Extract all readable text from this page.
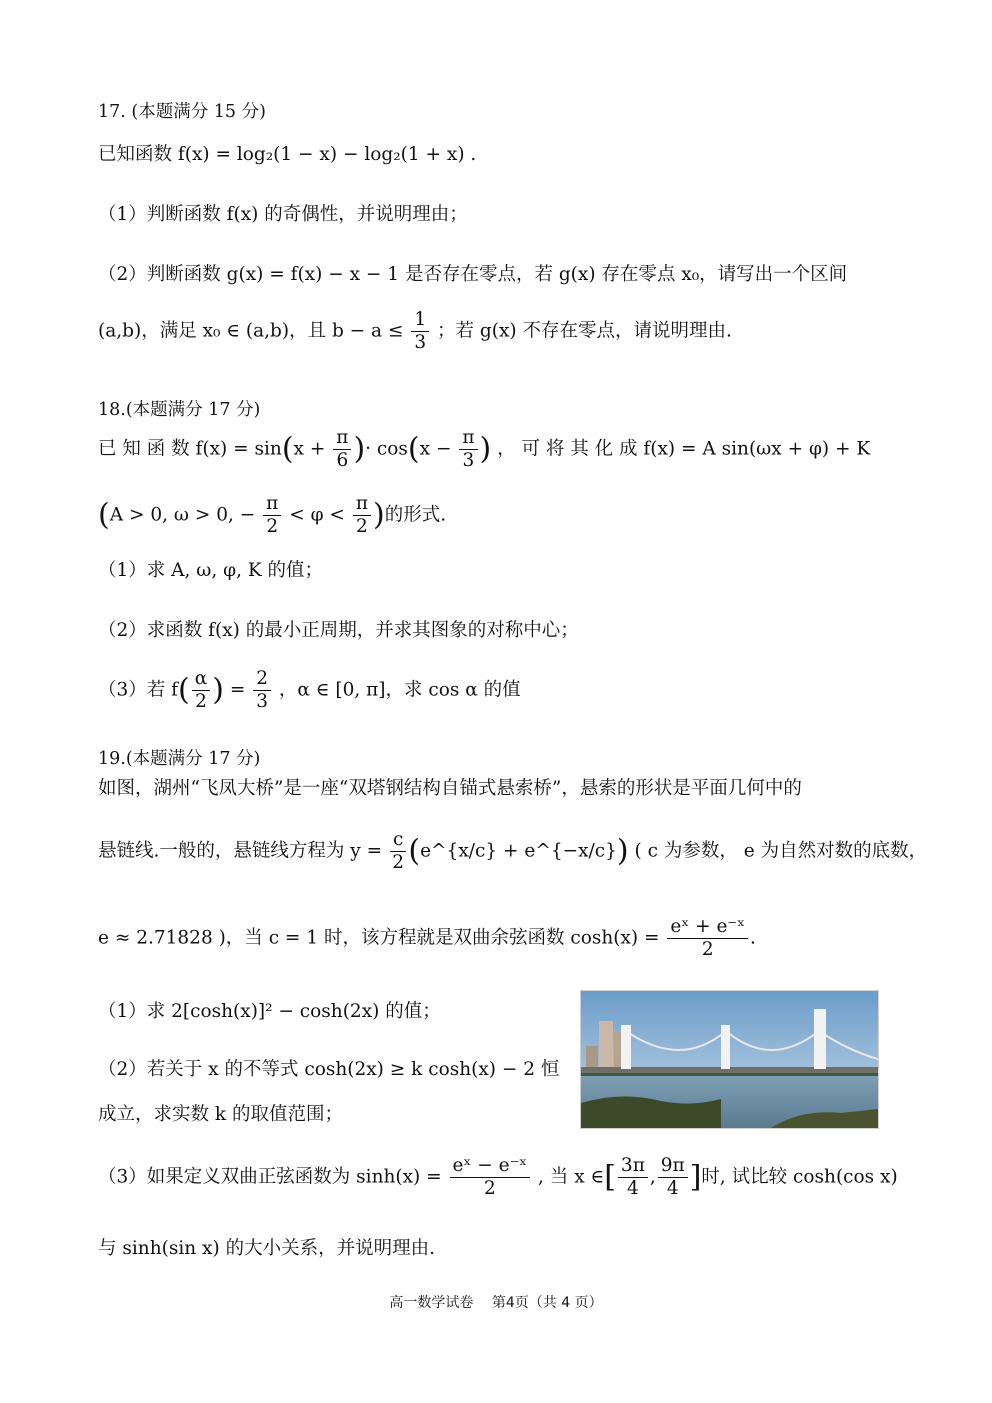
17. (本题满分 15 分)
已知函数 f(x) = log₂(1 − x) − log₂(1 + x) .
（1）判断函数 f(x) 的奇偶性，并说明理由；
（2）判断函数 g(x) = f(x) − x − 1 是否存在零点，若 g(x) 存在零点 x₀，请写出一个区间
(a,b)，满足 x₀ ∈ (a,b)，且 $b - a \le \frac{1}{3}$ ；若 g(x) 不存在零点，请说明理由.
18.(本题满分 17 分)
已 知 函 数 $f(x) = \sin(x + \frac{\pi}{6}$ )· $\cos(x - \frac{\pi}{3}$ ) ， 可 将 其 化 成 f(x) = A sin(ωx + φ) + K
(A > 0, ω > 0, − $\frac{\pi}{2} < \varphi < \frac{\pi}{2}$ )的形式.
（1）求 A, ω, φ, K 的值；
（2）求函数 f(x) 的最小正周期，并求其图象的对称中心；
（3）若 $f( \frac{\alpha}{2}$ ) = $\frac{2}{3}$ ，α ∈ [0, π]，求 cos α 的值
19.(本题满分 17 分)
如图，湖州“飞凤大桥”是一座“双塔钢结构自锚式悬索桥”，悬索的形状是平面几何中的
悬链线.一般的，悬链线方程为 $y = \frac{c}{2}$ (e^{x/c} + e^{−x/c}) ( c 为参数， e 为自然对数的底数，
e ≈ 2.71828 )，当 c = 1 时，该方程就是双曲余弦函数 $\cosh(x) = \frac{\text{eˣ + e⁻ˣ}}{2}$ .
（1）求 2[cosh(x)]² − cosh(2x) 的值；
（2）若关于 x 的不等式 cosh(2x) ≥ k cosh(x) − 2 恒
成立，求实数 k 的取值范围；
（3）如果定义双曲正弦函数为 $\sinh(x) = \frac{\text{eˣ − e⁻ˣ}}{2}$ , 当 x ∈[ $\frac{3\pi}{4}$ , $\frac{9\pi}{4}$ ]时, 试比较 cosh(cos x)
与 sinh(sin x) 的大小关系，并说明理由.
高一数学试卷　 第4页（共 4 页）
